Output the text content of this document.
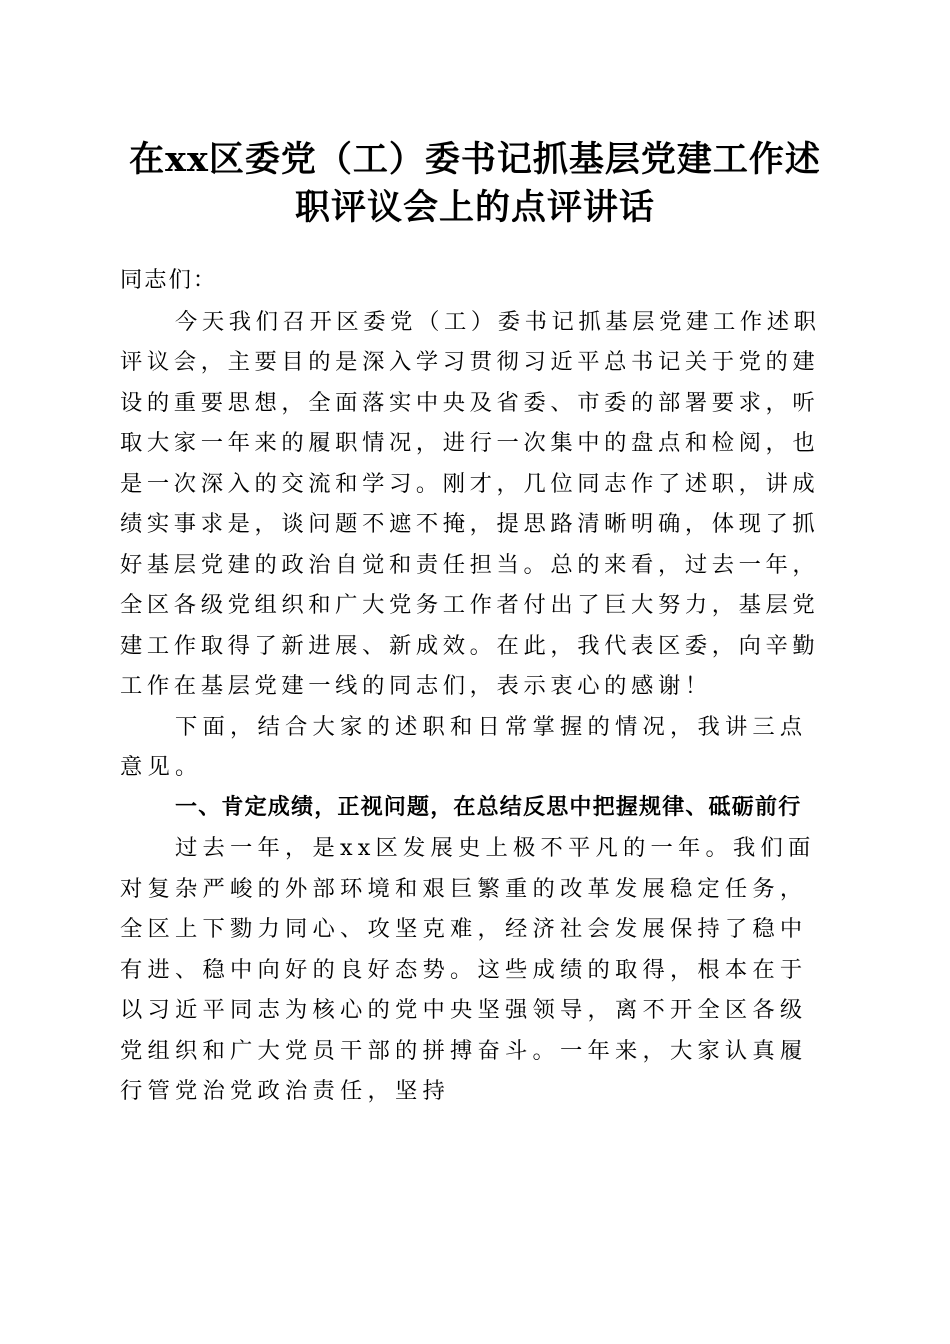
在xx区委党（工）委书记抓基层党建工作述
职评议会上的点评讲话

同志们：

今天我们召开区委党（工）委书记抓基层党建工作述职评议会，主要目的是深入学习贯彻习近平总书记关于党的建设的重要思想，全面落实中央及省委、市委的部署要求，听取大家一年来的履职情况，进行一次集中的盘点和检阅，也是一次深入的交流和学习。刚才，几位同志作了述职，讲成绩实事求是，谈问题不遮不掩，提思路清晰明确，体现了抓好基层党建的政治自觉和责任担当。总的来看，过去一年，全区各级党组织和广大党务工作者付出了巨大努力，基层党建工作取得了新进展、新成效。在此，我代表区委，向辛勤工作在基层党建一线的同志们，表示衷心的感谢！

下面，结合大家的述职和日常掌握的情况，我讲三点意见。

一、肯定成绩，正视问题，在总结反思中把握规律、砥砺前行

过去一年，是xx区发展史上极不平凡的一年。我们面对复杂严峻的外部环境和艰巨繁重的改革发展稳定任务，全区上下勠力同心、攻坚克难，经济社会发展保持了稳中有进、稳中向好的良好态势。这些成绩的取得，根本在于以习近平同志为核心的党中央坚强领导，离不开全区各级党组织和广大党员干部的拼搏奋斗。一年来，大家认真履行管党治党政治责任，坚持
